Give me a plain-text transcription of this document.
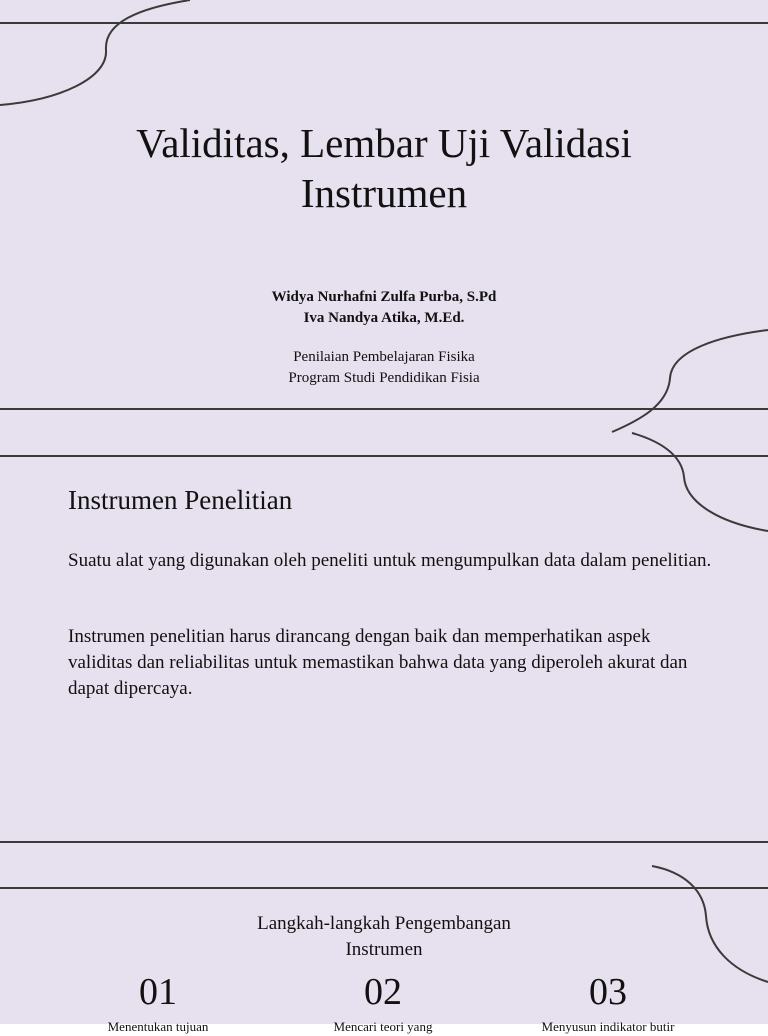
Validitas, Lembar Uji Validasi
Instrumen
Widya Nurhafni Zulfa Purba, S.Pd
Iva Nandya Atika, M.Ed.
Penilaian Pembelajaran Fisika
Program Studi Pendidikan Fisia
Instrumen Penelitian

Suatu alat yang digunakan oleh peneliti untuk mengumpulkan data dalam penelitian.

Instrumen penelitian harus dirancang dengan baik dan memperhatikan aspek validitas dan reliabilitas untuk memastikan bahwa data yang diperoleh akurat dan dapat dipercaya.

Langkah-langkah Pengembangan
Instrumen
01
Menentukan tujuan
02
Mencari teori yang
03
Menyusun indikator butir
